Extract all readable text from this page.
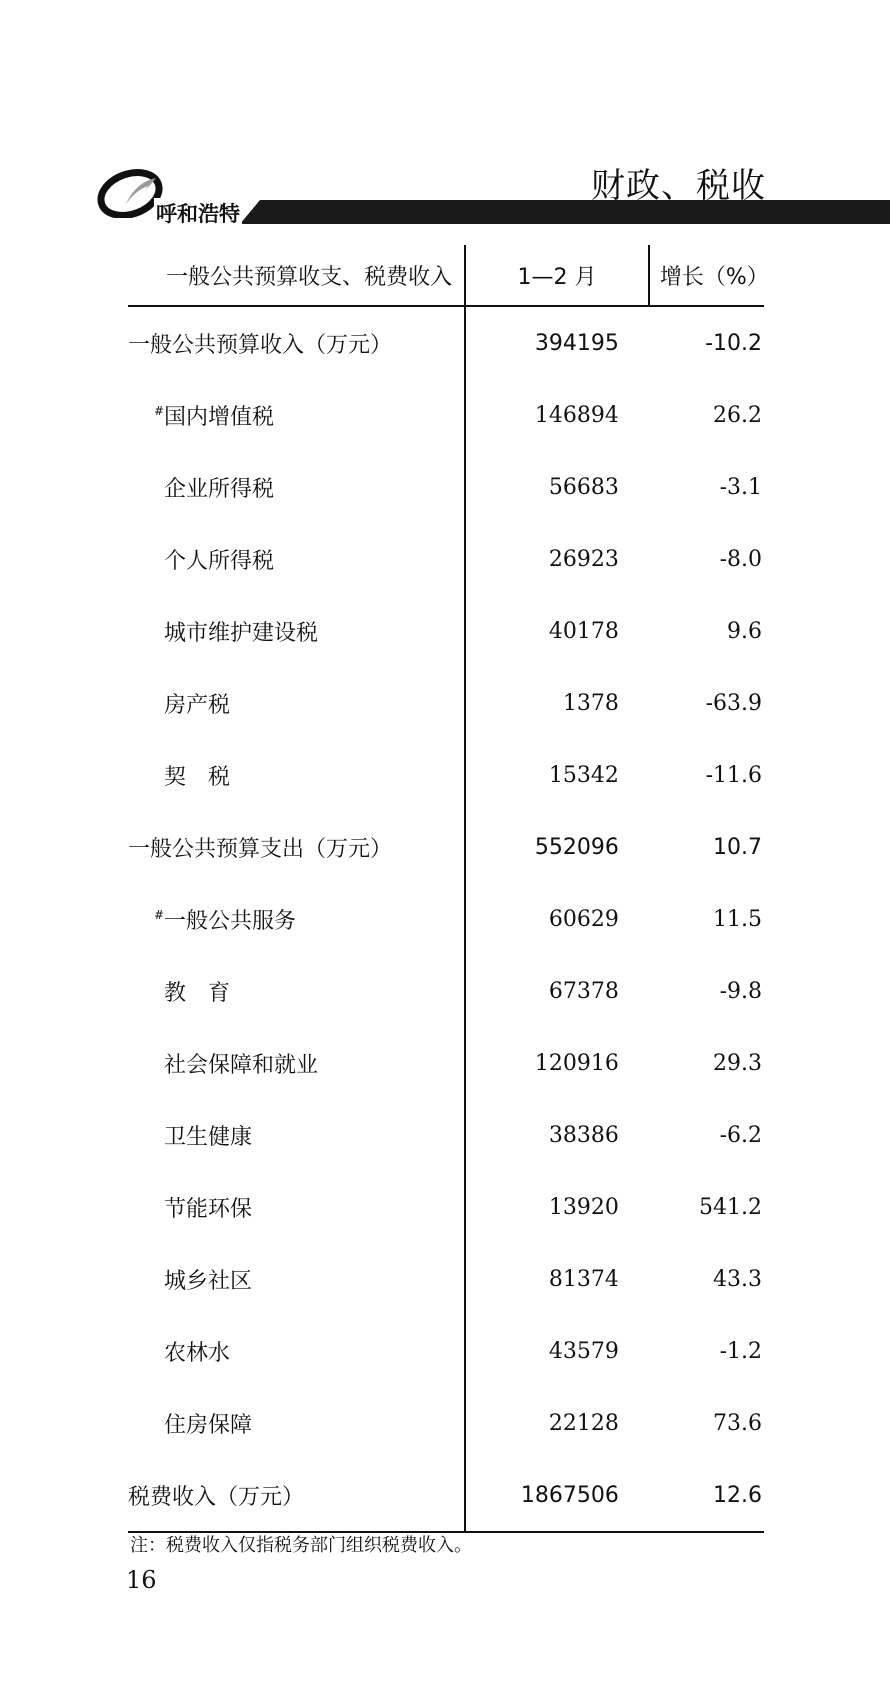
呼和浩特
财政、税收
一般公共预算收支、税费收入	1—2 月	增长（%）
一般公共预算收入（万元）	394195	-10.2
#国内增值税	146894	26.2
企业所得税	56683	-3.1
个人所得税	26923	-8.0
城市维护建设税	40178	9.6
房产税	1378	-63.9
契　税	15342	-11.6
一般公共预算支出（万元）	552096	10.7
#一般公共服务	60629	11.5
教　育	67378	-9.8
社会保障和就业	120916	29.3
卫生健康	38386	-6.2
节能环保	13920	541.2
城乡社区	81374	43.3
农林水	43579	-1.2
住房保障	22128	73.6
税费收入（万元）	1867506	12.6
注：税费收入仅指税务部门组织税费收入。
16
